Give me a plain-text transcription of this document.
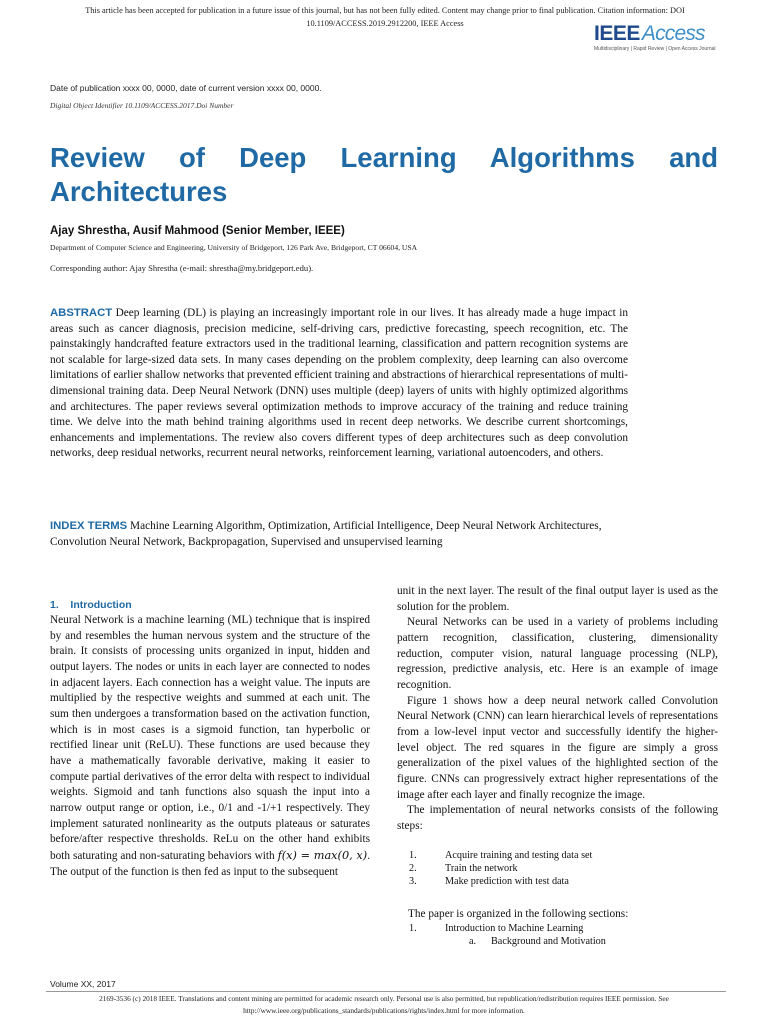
This article has been accepted for publication in a future issue of this journal, but has not been fully edited. Content may change prior to final publication. Citation information: DOI
10.1109/ACCESS.2019.2912200, IEEE Access	IEEEAccess
Multidisciplinary | Rapid Review | Open Access Journal
Date of publication xxxx 00, 0000, date of current version xxxx 00, 0000.
Digital Object Identifier 10.1109/ACCESS.2017.Doi Number
Review of Deep Learning Algorithms and Architectures
Ajay Shrestha, Ausif Mahmood (Senior Member, IEEE)
Department of Computer Science and Engineering, University of Bridgeport, 126 Park Ave, Bridgeport, CT 06604, USA
Corresponding author: Ajay Shrestha (e-mail: shrestha@my.bridgeport.edu).

ABSTRACT Deep learning (DL) is playing an increasingly important role in our lives. It has already made a huge impact in areas such as cancer diagnosis, precision medicine, self-driving cars, predictive forecasting, speech recognition, etc. The painstakingly handcrafted feature extractors used in the traditional learning, classification and pattern recognition systems are not scalable for large-sized data sets. In many cases depending on the problem complexity, deep learning can also overcome limitations of earlier shallow networks that prevented efficient training and abstractions of hierarchical representations of multi-dimensional training data. Deep Neural Network (DNN) uses multiple (deep) layers of units with highly optimized algorithms and architectures. The paper reviews several optimization methods to improve accuracy of the training and reduce training time. We delve into the math behind training algorithms used in recent deep networks. We describe current shortcomings, enhancements and implementations. The review also covers different types of deep architectures such as deep convolution networks, deep residual networks, recurrent neural networks, reinforcement learning, variational autoencoders, and others.

INDEX TERMS Machine Learning Algorithm, Optimization, Artificial Intelligence, Deep Neural Network Architectures, Convolution Neural Network, Backpropagation, Supervised and unsupervised learning

1.    Introduction

Neural Network is a machine learning (ML) technique that is inspired by and resembles the human nervous system and the structure of the brain. It consists of processing units organized in input, hidden and output layers. The nodes or units in each layer are connected to nodes in adjacent layers. Each connection has a weight value. The inputs are multiplied by the respective weights and summed at each unit. The sum then undergoes a transformation based on the activation function, which is in most cases is a sigmoid function, tan hyperbolic or rectified linear unit (ReLU). These functions are used because they have a mathematically favorable derivative, making it easier to compute partial derivatives of the error delta with respect to individual weights. Sigmoid and tanh functions also squash the input into a narrow output range or option, i.e., 0/1 and -1/+1 respectively. They implement saturated nonlinearity as the outputs plateaus or saturates before/after respective thresholds. ReLu on the other hand exhibits both saturating and non-saturating behaviors with f(x) = max(0, x). The output of the function is then fed as input to the subsequent

unit in the next layer. The result of the final output layer is used as the solution for the problem.

Neural Networks can be used in a variety of problems including pattern recognition, classification, clustering, dimensionality reduction, computer vision, natural language processing (NLP), regression, predictive analysis, etc. Here is an example of image recognition.

Figure 1 shows how a deep neural network called Convolution Neural Network (CNN) can learn hierarchical levels of representations from a low-level input vector and successfully identify the higher-level object. The red squares in the figure are simply a gross generalization of the pixel values of the highlighted section of the figure. CNNs can progressively extract higher representations of the image after each layer and finally recognize the image.

The implementation of neural networks consists of the following steps:

1.	Acquire training and testing data set
2.	Train the network
3.	Make prediction with test data
The paper is organized in the following sections:
1.	Introduction to Machine Learning
a.	Background and Motivation
Volume XX, 2017
2169-3536 (c) 2018 IEEE. Translations and content mining are permitted for academic research only. Personal use is also permitted, but republication/redistribution requires IEEE permission. See
http://www.ieee.org/publications_standards/publications/rights/index.html for more information.
